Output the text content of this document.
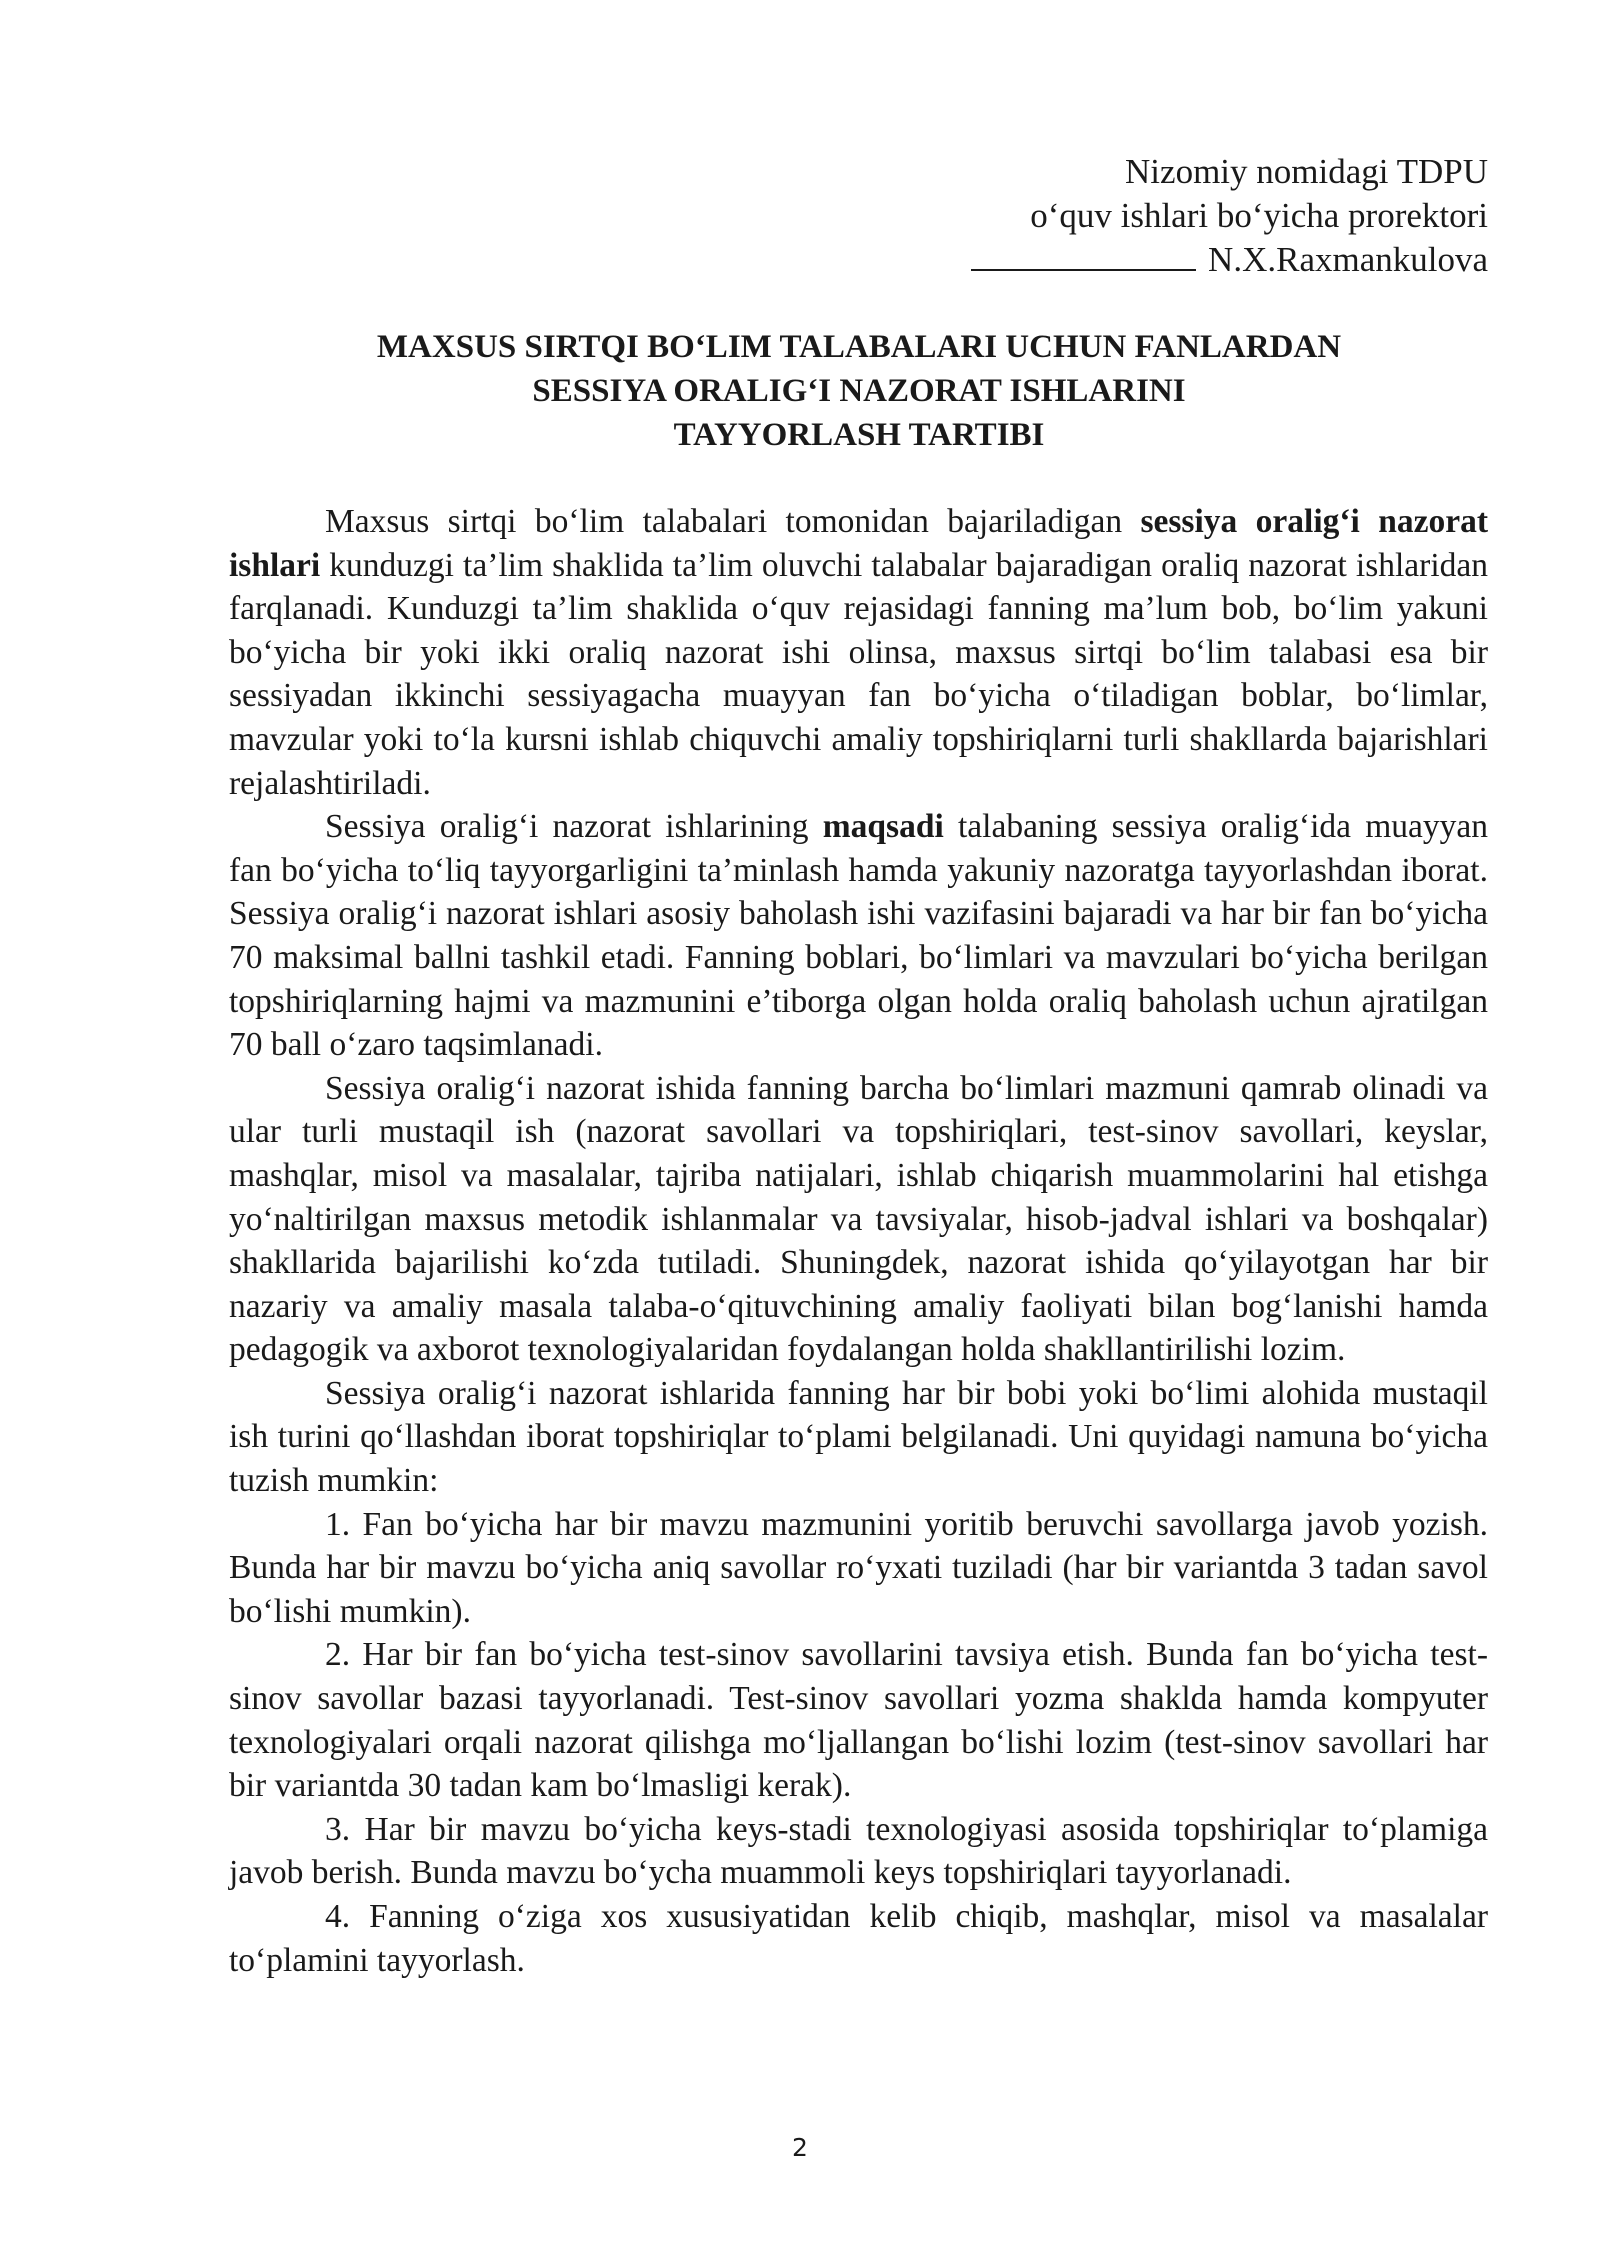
Nizomiy nomidagi TDPU
o‘quv ishlari bo‘yicha prorektori
N.X.Raxmankulova
MAXSUS SIRTQI BO‘LIM TALABALARI UCHUN FANLARDAN
SESSIYA ORALIG‘I NAZORAT ISHLARINI
TAYYORLASH TARTIBI

Maxsus sirtqi bo‘lim talabalari tomonidan bajariladigan sessiya oralig‘i nazorat ishlari kunduzgi ta’lim shaklida ta’lim oluvchi talabalar bajaradigan oraliq nazorat ishlaridan farqlanadi. Kunduzgi ta’lim shaklida o‘quv rejasidagi fanning ma’lum bob, bo‘lim yakuni bo‘yicha bir yoki ikki oraliq nazorat ishi olinsa, maxsus sirtqi bo‘lim talabasi esa bir sessiyadan ikkinchi sessiyagacha muayyan fan bo‘yicha o‘tiladigan boblar, bo‘limlar, mavzular yoki to‘la kursni ishlab chiquvchi amaliy topshiriqlarni turli shakllarda bajarishlari rejalashtiriladi.

Sessiya oralig‘i nazorat ishlarining maqsadi talabaning sessiya oralig‘ida muayyan fan bo‘yicha to‘liq tayyorgarligini ta’minlash hamda yakuniy nazoratga tayyorlashdan iborat. Sessiya oralig‘i nazorat ishlari asosiy baholash ishi vazifasini bajaradi va har bir fan bo‘yicha 70 maksimal ballni tashkil etadi. Fanning boblari, bo‘limlari va mavzulari bo‘yicha berilgan topshiriqlarning hajmi va mazmunini e’tiborga olgan holda oraliq baholash uchun ajratilgan 70 ball o‘zaro taqsimlanadi.

Sessiya oralig‘i nazorat ishida fanning barcha bo‘limlari mazmuni qamrab olinadi va ular turli mustaqil ish (nazorat savollari va topshiriqlari, test-sinov savollari, keyslar, mashqlar, misol va masalalar, tajriba natijalari, ishlab chiqarish muammolarini hal etishga yo‘naltirilgan maxsus metodik ishlanmalar va tavsiyalar, hisob-jadval ishlari va boshqalar) shakllarida bajarilishi ko‘zda tutiladi. Shuningdek, nazorat ishida qo‘yilayotgan har bir nazariy va amaliy masala talaba-o‘qituvchining amaliy faoliyati bilan bog‘lanishi hamda pedagogik va axborot texnologiyalaridan foydalangan holda shakllantirilishi lozim.

Sessiya oralig‘i nazorat ishlarida fanning har bir bobi yoki bo‘limi alohida mustaqil ish turini qo‘llashdan iborat topshiriqlar to‘plami belgilanadi. Uni quyidagi namuna bo‘yicha tuzish mumkin:

1. Fan bo‘yicha har bir mavzu mazmunini yoritib beruvchi savollarga javob yozish. Bunda har bir mavzu bo‘yicha aniq savollar ro‘yxati tuziladi (har bir variantda 3 tadan savol bo‘lishi mumkin).

2. Har bir fan bo‘yicha test-sinov savollarini tavsiya etish. Bunda fan bo‘yicha test-sinov savollar bazasi tayyorlanadi. Test-sinov savollari yozma shaklda hamda kompyuter texnologiyalari orqali nazorat qilishga mo‘ljallangan bo‘lishi lozim (test-sinov savollari har bir variantda 30 tadan kam bo‘lmasligi kerak).

3. Har bir mavzu bo‘yicha keys-stadi texnologiyasi asosida topshiriqlar to‘plamiga javob berish. Bunda mavzu bo‘ycha muammoli keys topshiriqlari tayyorlanadi.

4. Fanning o‘ziga xos xususiyatidan kelib chiqib, mashqlar, misol va masalalar to‘plamini tayyorlash.

2
